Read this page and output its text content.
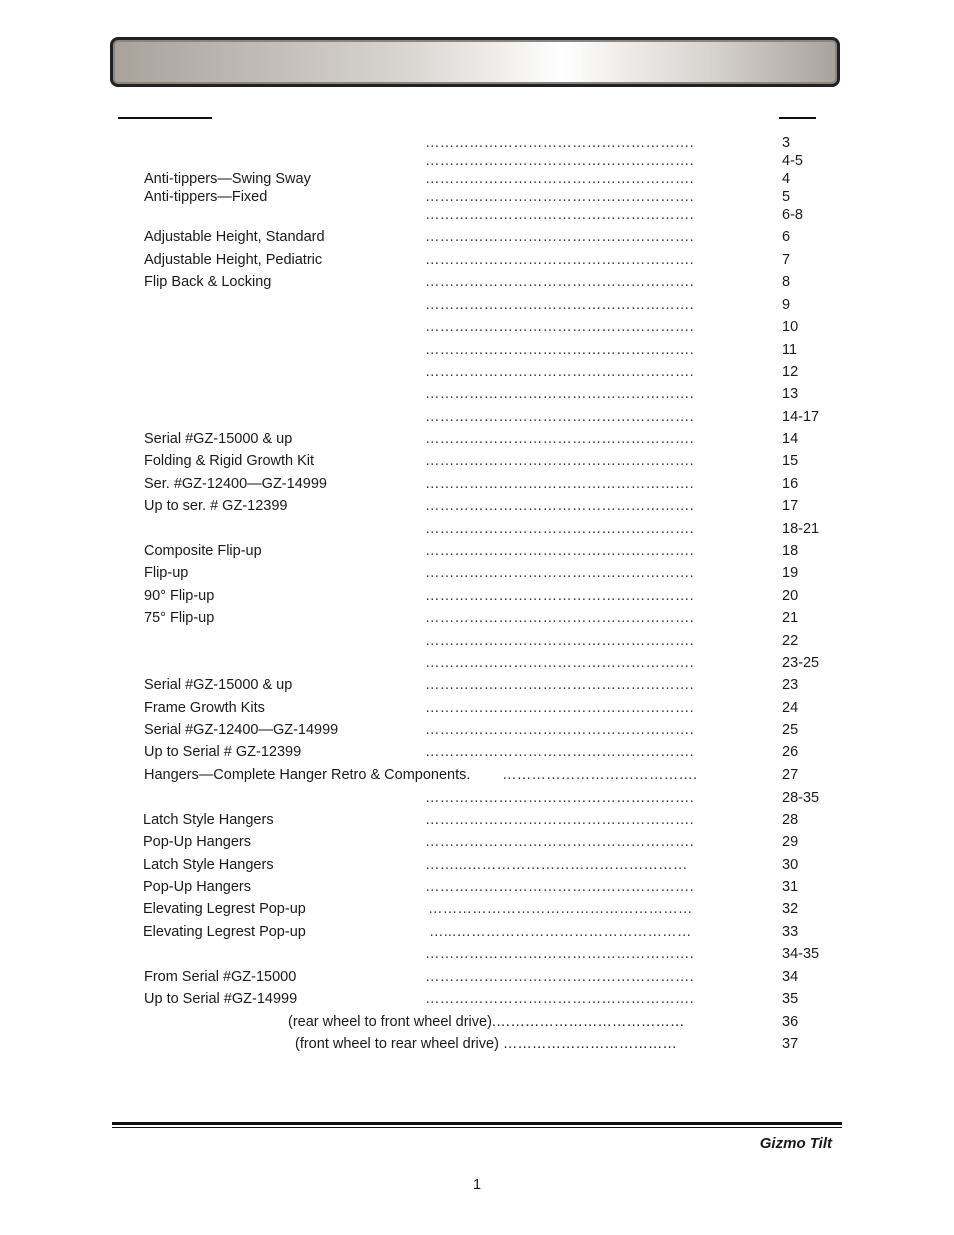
……………………………………………….	3
……………………………………………….	4-5
Anti-tippers—Swing Sway	……………………………………………….	4
Anti-tippers—Fixed	……………………………………………….	5
……………………………………………….	6-8
Adjustable Height, Standard	……………………………………………….	6
Adjustable Height, Pediatric	……………………………………………….	7
Flip Back & Locking	……………………………………………….	8
……………………………………………….	9
……………………………………………….	10
……………………………………………….	11
……………………………………………….	12
……………………………………………….	13
……………………………………………….	14-17
Serial #GZ-15000 & up	……………………………………………….	14
Folding & Rigid Growth Kit	……………………………………………….	15
Ser. #GZ-12400—GZ-14999	……………………………………………….	16
Up to ser. # GZ-12399	……………………………………………….	17
……………………………………………….	18-21
Composite Flip-up	……………………………………………….	18
Flip-up	……………………………………………….	19
90° Flip-up	……………………………………………….	20
75° Flip-up	……………………………………………….	21
……………………………………………….	22
……………………………………………….	23-25
Serial #GZ-15000 & up	……………………………………………….	23
Frame Growth Kits	……………………………………………….	24
Serial #GZ-12400—GZ-14999	……………………………………………….	25
Up to Serial # GZ-12399	……………………………………………….	26
Hangers—Complete Hanger Retro & Components. ………………………………….	27
……………………………………………….	28-35
Latch Style Hangers	……………………………………………….	28
Pop-Up Hangers	……………………………………………….	29
Latch Style Hangers	……...………………………………………	30
Pop-Up Hangers	……………………………………………….	31
Elevating Legrest Pop-up	………………………………………………	32
Elevating Legrest Pop-up	…...…………………………………………	33
……………………………………………….	34-35
From Serial #GZ-15000	……………………………………………….	34
Up to Serial #GZ-14999	……………………………………………….	35
(rear wheel to front wheel drive).…………………………………	36
(front wheel to rear wheel drive) ………………………………	37
Gizmo Tilt
1
